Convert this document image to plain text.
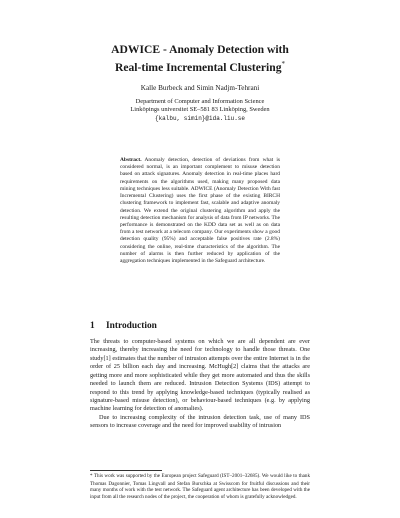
ADWICE - Anomaly Detection with
Real-time Incremental Clustering*
Kalle Burbeck and Simin Nadjm-Tehrani
Department of Computer and Information Science
Linköpings universitet SE–581 83 Linköping, Sweden
{kalbu, simin}@ida.liu.se
Abstract. Anomaly detection, detection of deviations from what is considered normal, is an important complement to misuse detection based on attack signatures. Anomaly detection in real-time places hard requirements on the algorithms used, making many proposed data mining techniques less suitable. ADWICE (Anomaly Detection With fast Incremental Clustering) uses the first phase of the existing BIRCH clustering framework to implement fast, scalable and adaptive anomaly detection. We extend the original clustering algorithm and apply the resulting detection mechanism for analysis of data from IP networks. The performance is demonstrated on the KDD data set as well as on data from a test network at a telecom company. Our experiments show a good detection quality (95%) and acceptable false positives rate (2.8%) considering the online, real-time characteristics of the algorithm. The number of alarms is then further reduced by application of the aggregation techniques implemented in the Safeguard architecture.
1 Introduction

The threats to computer-based systems on which we are all dependent are ever increasing, thereby increasing the need for technology to handle those threats. One study[1] estimates that the number of intrusion attempts over the entire Internet is in the order of 25 billion each day and increasing. McHugh[2] claims that the attacks are getting more and more sophisticated while they get more automated and thus the skills needed to launch them are reduced. Intrusion Detection Systems (IDS) attempt to respond to this trend by applying knowledge-based techniques (typically realised as signature-based misuse detection), or behaviour-based techniques (e.g. by applying machine learning for detection of anomalies).

Due to increasing complexity of the intrusion detection task, use of many IDS sensors to increase coverage and the need for improved usability of intrusion

* This work was supported by the European project Safeguard (IST–2001–32685). We would like to thank Thomas Dagonnier, Tomas Lingvall and Stefan Burschka at Swisscom for fruitful discussions and their many months of work with the test network. The Safeguard agent architecture has been developed with the input from all the research nodes of the project, the cooperation of whom is gratefully acknowledged.
